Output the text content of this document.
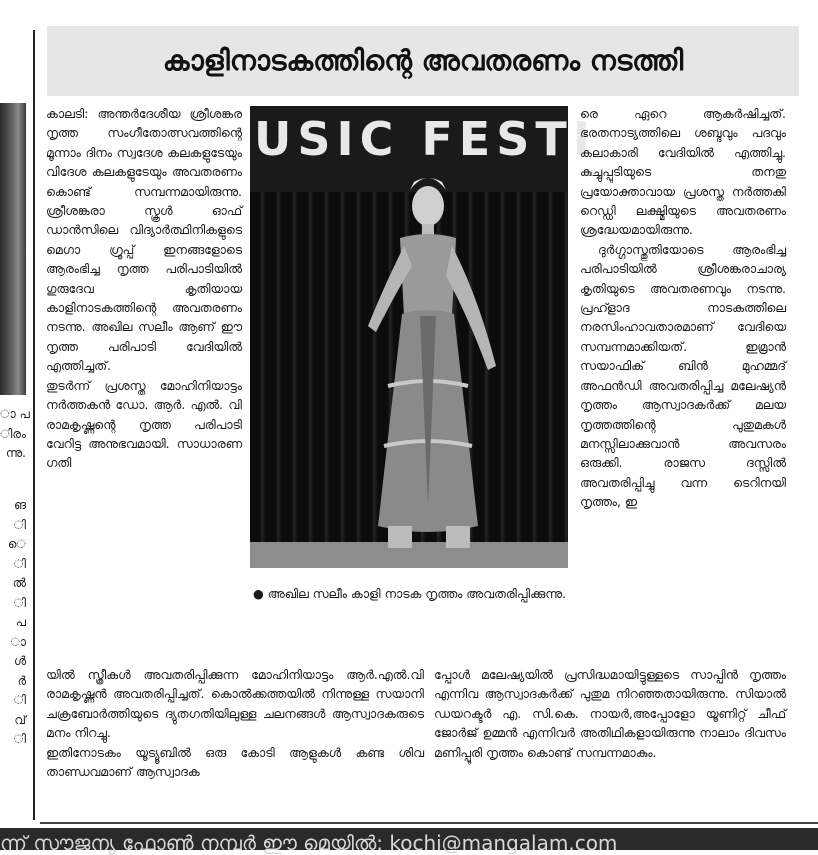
ാ പ
ിരം
ന്നു.
ങ
ി
െ
ി
ൽ
ി
പ
ാ
ൾ
ർ
ി
വ്
ി
കാളിനാടകത്തിന്റെ അവതരണം നടത്തി

കാലടി: അന്തർദേശീയ ശ്രീശങ്കര നൃത്ത സംഗീതോത്സവത്തിന്റെ മൂന്നാം ദിനം സ്വദേശ കലകളുടേയും വിദേശ കലകളുടേയും അവതരണം കൊണ്ട് സമ്പന്നമായിരുന്നു. ശ്രീശങ്കരാ സ്കൂൾ ഓഫ് ഡാൻസിലെ വിദ്യാർത്ഥിനികളുടെ മെഗാ ഗ്രൂപ്പ് ഇനങ്ങളോടെ ആരംഭിച്ച നൃത്ത പരിപാടിയിൽ ഗുരുദേവ കൃതിയായ കാളിനാടകത്തിന്റെ അവതരണം നടന്നു. അഖില സലീം ആണ് ഈ നൃത്ത പരിപാടി വേദിയിൽ എത്തിച്ചത്.

തുടർന്ന് പ്രശസ്ത മോഹിനിയാട്ടം നർത്തകൻ ഡോ. ആർ. എൽ. വി രാമകൃഷ്ണന്റെ നൃത്ത പരിപാടി വേറിട്ട അനുഭവമായി. സാധാരണ ഗതി

USIC FESTI
● അഖില സലീം കാളി നാടക നൃത്തം അവതരിപ്പിക്കുന്നു.

രെ ഏറെ ആകർഷിച്ചത്. ഭരതനാട്യത്തിലെ ശബ്ദവും പദവും കലാകാരി വേദിയിൽ എത്തിച്ചു. കുച്ചുപ്പുടിയുടെ തനതു പ്രയോക്താവായ പ്രശസ്ത നർത്തകി റെഡ്ഡി ലക്ഷ്മിയുടെ അവതരണം ശ്രദ്ധേയമായിരുന്നു.

ദുർഗ്ഗാസ്തുതിയോടെ ആരംഭിച്ച പരിപാടിയിൽ ശ്രീശങ്കരാചാര്യ കൃതിയുടെ അവതരണവും നടന്നു. പ്രഹ്ളാദ നാടകത്തിലെ നരസിംഹാവതാരമാണ് വേദിയെ സമ്പന്നമാക്കിയത്. ഇമ്രാൻ സയാഫിക് ബിൻ മുഹമ്മദ് അഫൻഡി അവതരിപ്പിച്ച മലേഷ്യൻ നൃത്തം ആസ്വാദകർക്ക് മലയ നൃത്തത്തിന്റെ പുതുമകൾ മനസ്സിലാക്കുവാൻ അവസരം ഒരുക്കി. രാജസ ദസ്സിൽ അവതരിപ്പിച്ചു വന്ന ടെറിനയി നൃത്തം, ഇ

യിൽ സ്ത്രീകൾ അവതരിപ്പിക്കുന്ന മോഹിനിയാട്ടം ആർ.എൽ.വി രാമകൃഷ്ണൻ അവതരിപ്പിച്ചത്. കൊൽക്കത്തയിൽ നിന്നുള്ള സയാനി ചക്രബോർത്തിയുടെ ദ്യുതഗതിയിലുള്ള ചലനങ്ങൾ ആസ്വാദകരുടെ മനം നിറച്ചു.

ഇതിനോടകം യൂട്യൂബിൽ ഒരു കോടി ആളുകൾ കണ്ട ശിവ താണ്ഡവമാണ് ആസ്വാദക

പ്പോൾ മലേഷ്യയിൽ പ്രസിദ്ധമായിട്ടുള്ളടെ സാപ്പിൻ നൃത്തം എന്നിവ ആസ്വാദകർക്ക് പുതുമ നിറഞ്ഞതായിരുന്നു. സിയാൽ ഡയറക്ടർ എ. സി.കെ. നായർ,അപ്പോളോ യൂണിറ്റ് ചീഫ് ജോർജ് ഉമ്മൻ എന്നിവർ അതിഥികളായിരുന്നു നാലാം ദിവസം മണിപ്പൂരി നൃത്തം കൊണ്ട് സമ്പന്നമാകും.

ന്ന് സൗജന്യ ഫോൺ നമ്പർ ഈ മെയിൽ: kochi@mangalam.com
